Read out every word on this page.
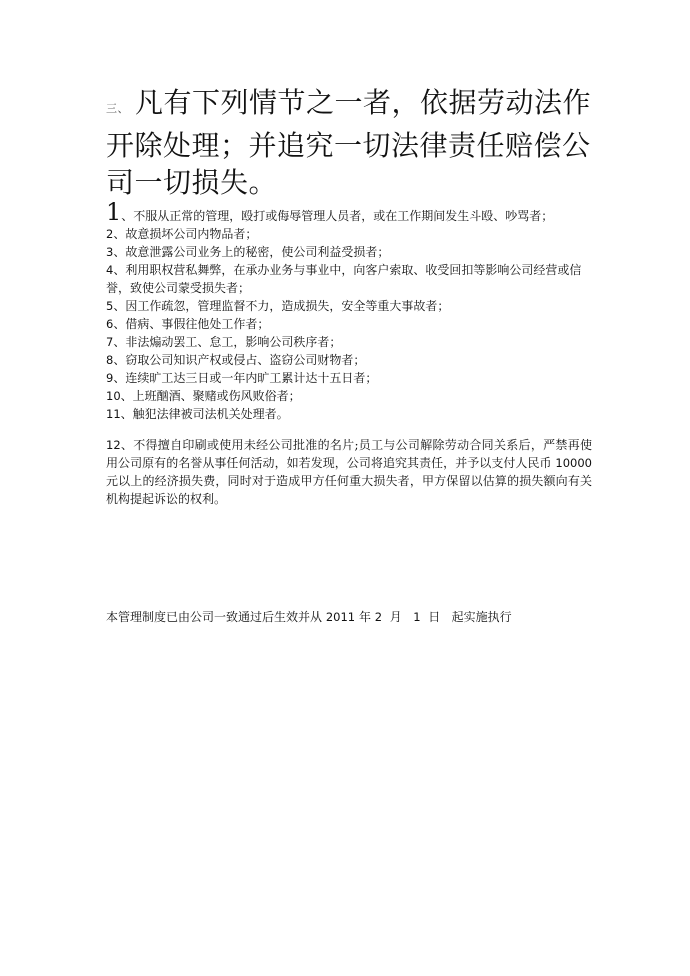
三、 凡有下列情节之一者，依据劳动法作开除处理；并追究一切法律责任赔偿公司一切损失。
1、不服从正常的管理，殴打或侮辱管理人员者，或在工作期间发生斗殴、吵骂者；
2、故意损坏公司内物品者；
3、故意泄露公司业务上的秘密，使公司利益受损者；
4、利用职权营私舞弊，在承办业务与事业中，向客户索取、收受回扣等影响公司经营或信誉，致使公司蒙受损失者；
5、因工作疏忽，管理监督不力，造成损失，安全等重大事故者；
6、借病、事假往他处工作者；
7、非法煽动罢工、怠工，影响公司秩序者；
8、窃取公司知识产权或侵占、盗窃公司财物者；
9、连续旷工达三日或一年内旷工累计达十五日者；
10、上班酗酒、聚赌或伤风败俗者；
11、触犯法律被司法机关处理者。

12、不得擅自印刷或使用未经公司批准的名片;员工与公司解除劳动合同关系后，严禁再使用公司原有的名誉从事任何活动，如若发现，公司将追究其责任，并予以支付人民币 10000元以上的经济损失费，同时对于造成甲方任何重大损失者，甲方保留以估算的损失额向有关机构提起诉讼的权利。

本管理制度已由公司一致通过后生效并从 2011 年 2 月 1 日 起实施执行
